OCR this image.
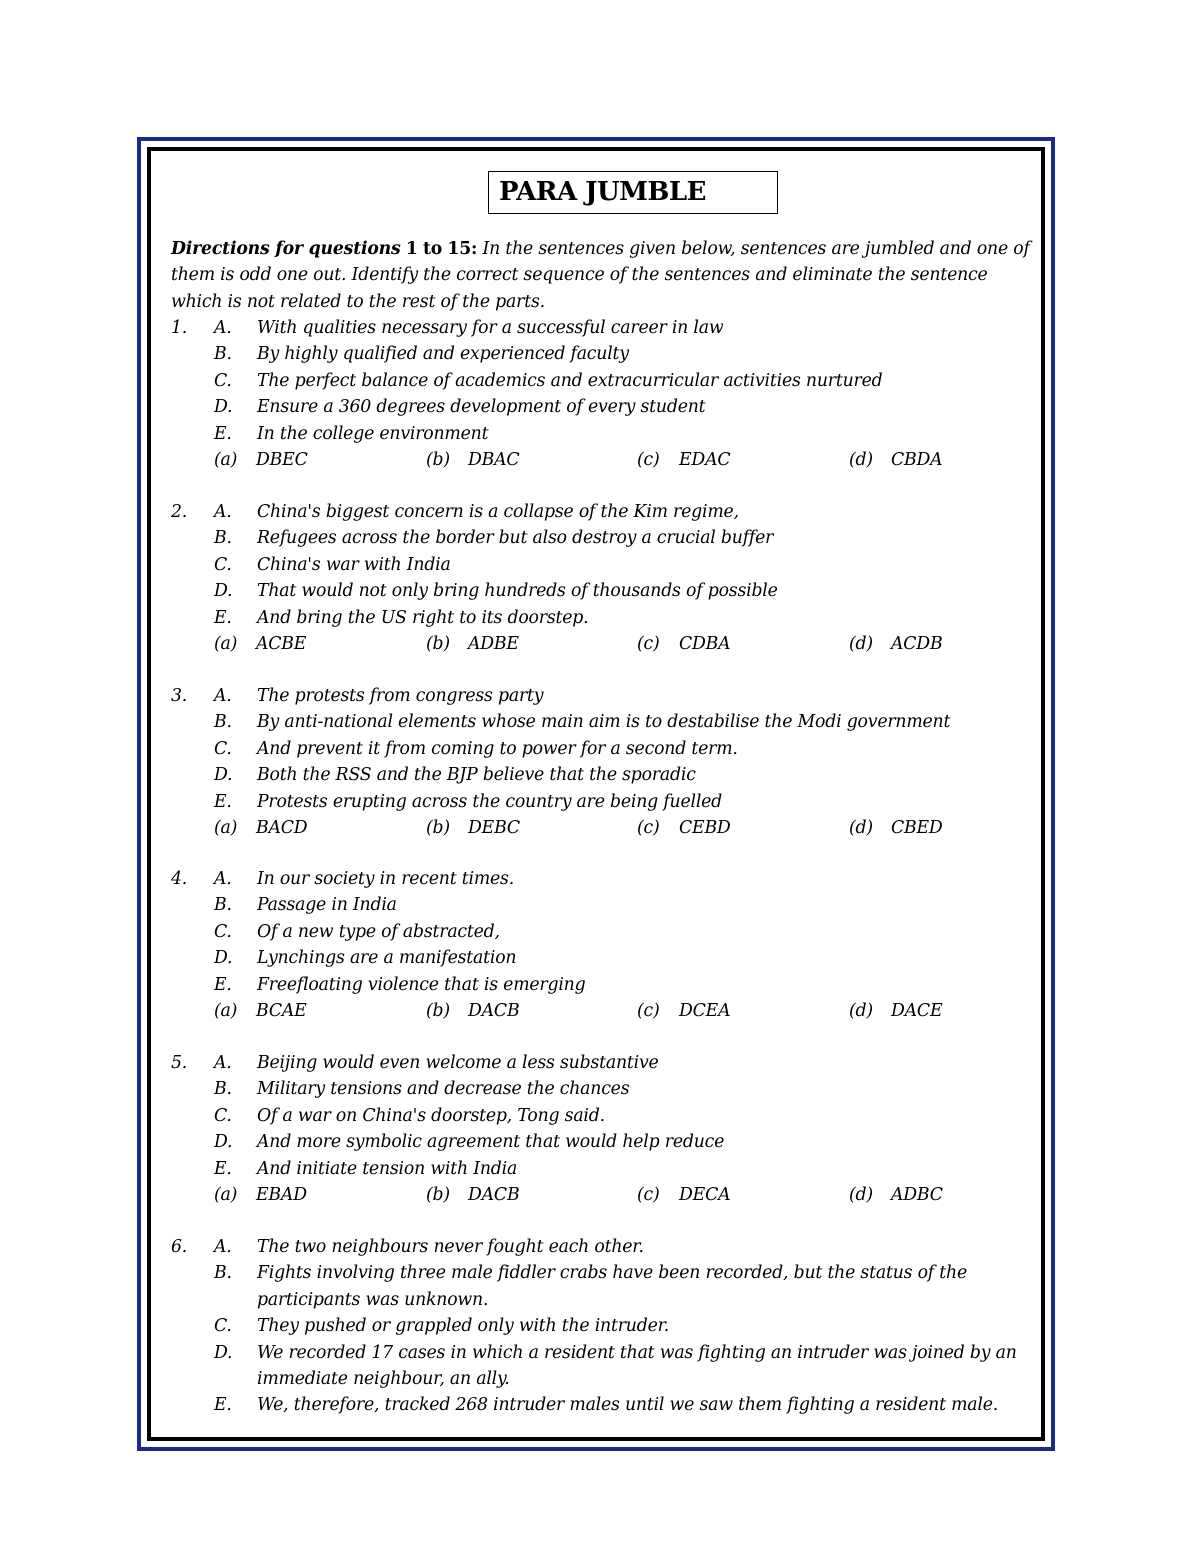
PARA JUMBLE
Directions for questions 1 to 15: In the sentences given below, sentences are jumbled and one of them is odd one out. Identify the correct sequence of the sentences and eliminate the sentence which is not related to the rest of the parts.
1. A. With qualities necessary for a successful career in law
B. By highly qualified and experienced faculty
C. The perfect balance of academics and extracurricular activities nurtured
D. Ensure a 360 degrees development of every student
E. In the college environment
(a) DBEC	(b) DBAC	(c) EDAC	(d) CBDA
2. A. China's biggest concern is a collapse of the Kim regime,
B. Refugees across the border but also destroy a crucial buffer
C. China's war with India
D. That would not only bring hundreds of thousands of possible
E. And bring the US right to its doorstep.
(a) ACBE	(b) ADBE	(c) CDBA	(d) ACDB
3. A. The protests from congress party
B. By anti-national elements whose main aim is to destabilise the Modi government
C. And prevent it from coming to power for a second term.
D. Both the RSS and the BJP believe that the sporadic
E. Protests erupting across the country are being fuelled
(a) BACD	(b) DEBC	(c) CEBD	(d) CBED
4. A. In our society in recent times.
B. Passage in India
C. Of a new type of abstracted,
D. Lynchings are a manifestation
E. Freefloating violence that is emerging
(a) BCAE	(b) DACB	(c) DCEA	(d) DACE
5. A. Beijing would even welcome a less substantive
B. Military tensions and decrease the chances
C. Of a war on China's doorstep, Tong said.
D. And more symbolic agreement that would help reduce
E. And initiate tension with India
(a) EBAD	(b) DACB	(c) DECA	(d) ADBC
6. A. The two neighbours never fought each other.
B. Fights involving three male fiddler crabs have been recorded, but the status of the participants was unknown.
C. They pushed or grappled only with the intruder.
D. We recorded 17 cases in which a resident that was fighting an intruder was joined by an immediate neighbour, an ally.
E. We, therefore, tracked 268 intruder males until we saw them fighting a resident male.
